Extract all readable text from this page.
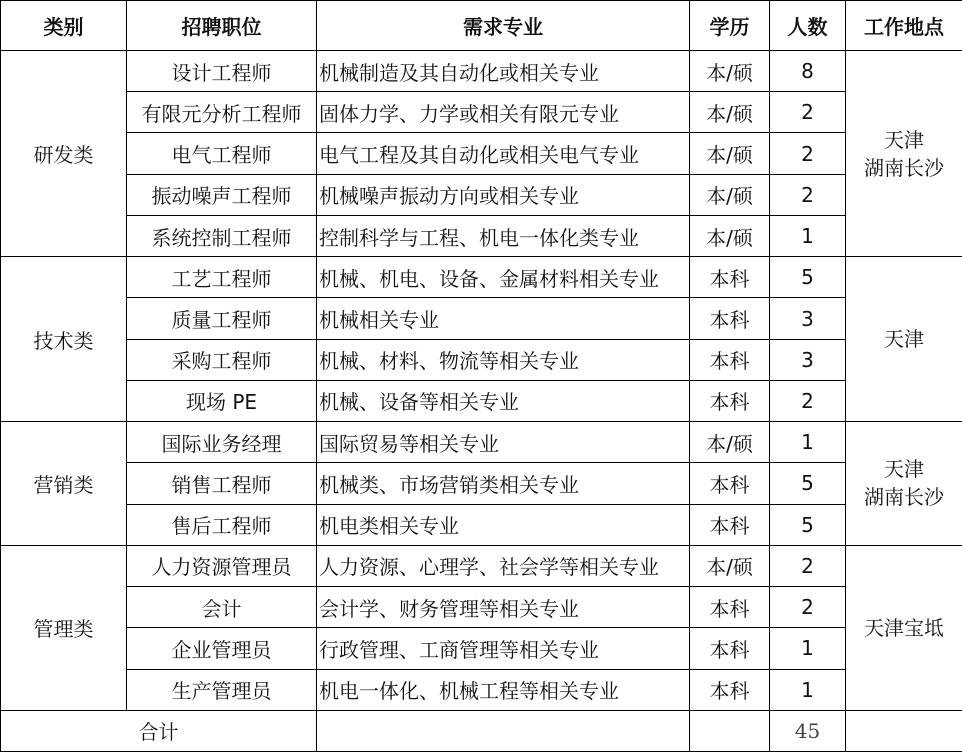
类别	招聘职位	需求专业	学历	人数	工作地点
研发类	设计工程师	机械制造及其自动化或相关专业	本/硕	8	天津
湖南长沙

	有限元分析工程师	固体力学、力学或相关有限元专业	本/硕	2	
	电气工程师	电气工程及其自动化或相关电气专业	本/硕	2	
	振动噪声工程师	机械噪声振动方向或相关专业	本/硕	2	
	系统控制工程师	控制科学与工程、机电一体化类专业	本/硕	1	
技术类	工艺工程师	机械、机电、设备、金属材料相关专业	本科	5	天津

	质量工程师	机械相关专业	本科	3	
	采购工程师	机械、材料、物流等相关专业	本科	3	
	现场 PE	机械、设备等相关专业	本科	2	
营销类	国际业务经理	国际贸易等相关专业	本/硕	1	天津
湖南长沙

	销售工程师	机械类、市场营销类相关专业	本科	5	
	售后工程师	机电类相关专业	本科	5	
管理类	人力资源管理员	人力资源、心理学、社会学等相关专业	本/硕	2	天津宝坻

	会计	会计学、财务管理等相关专业	本科	2	
	企业管理员	行政管理、工商管理等相关专业	本科	1	
	生产管理员	机电一体化、机械工程等相关专业	本科	1	
合计				45	
